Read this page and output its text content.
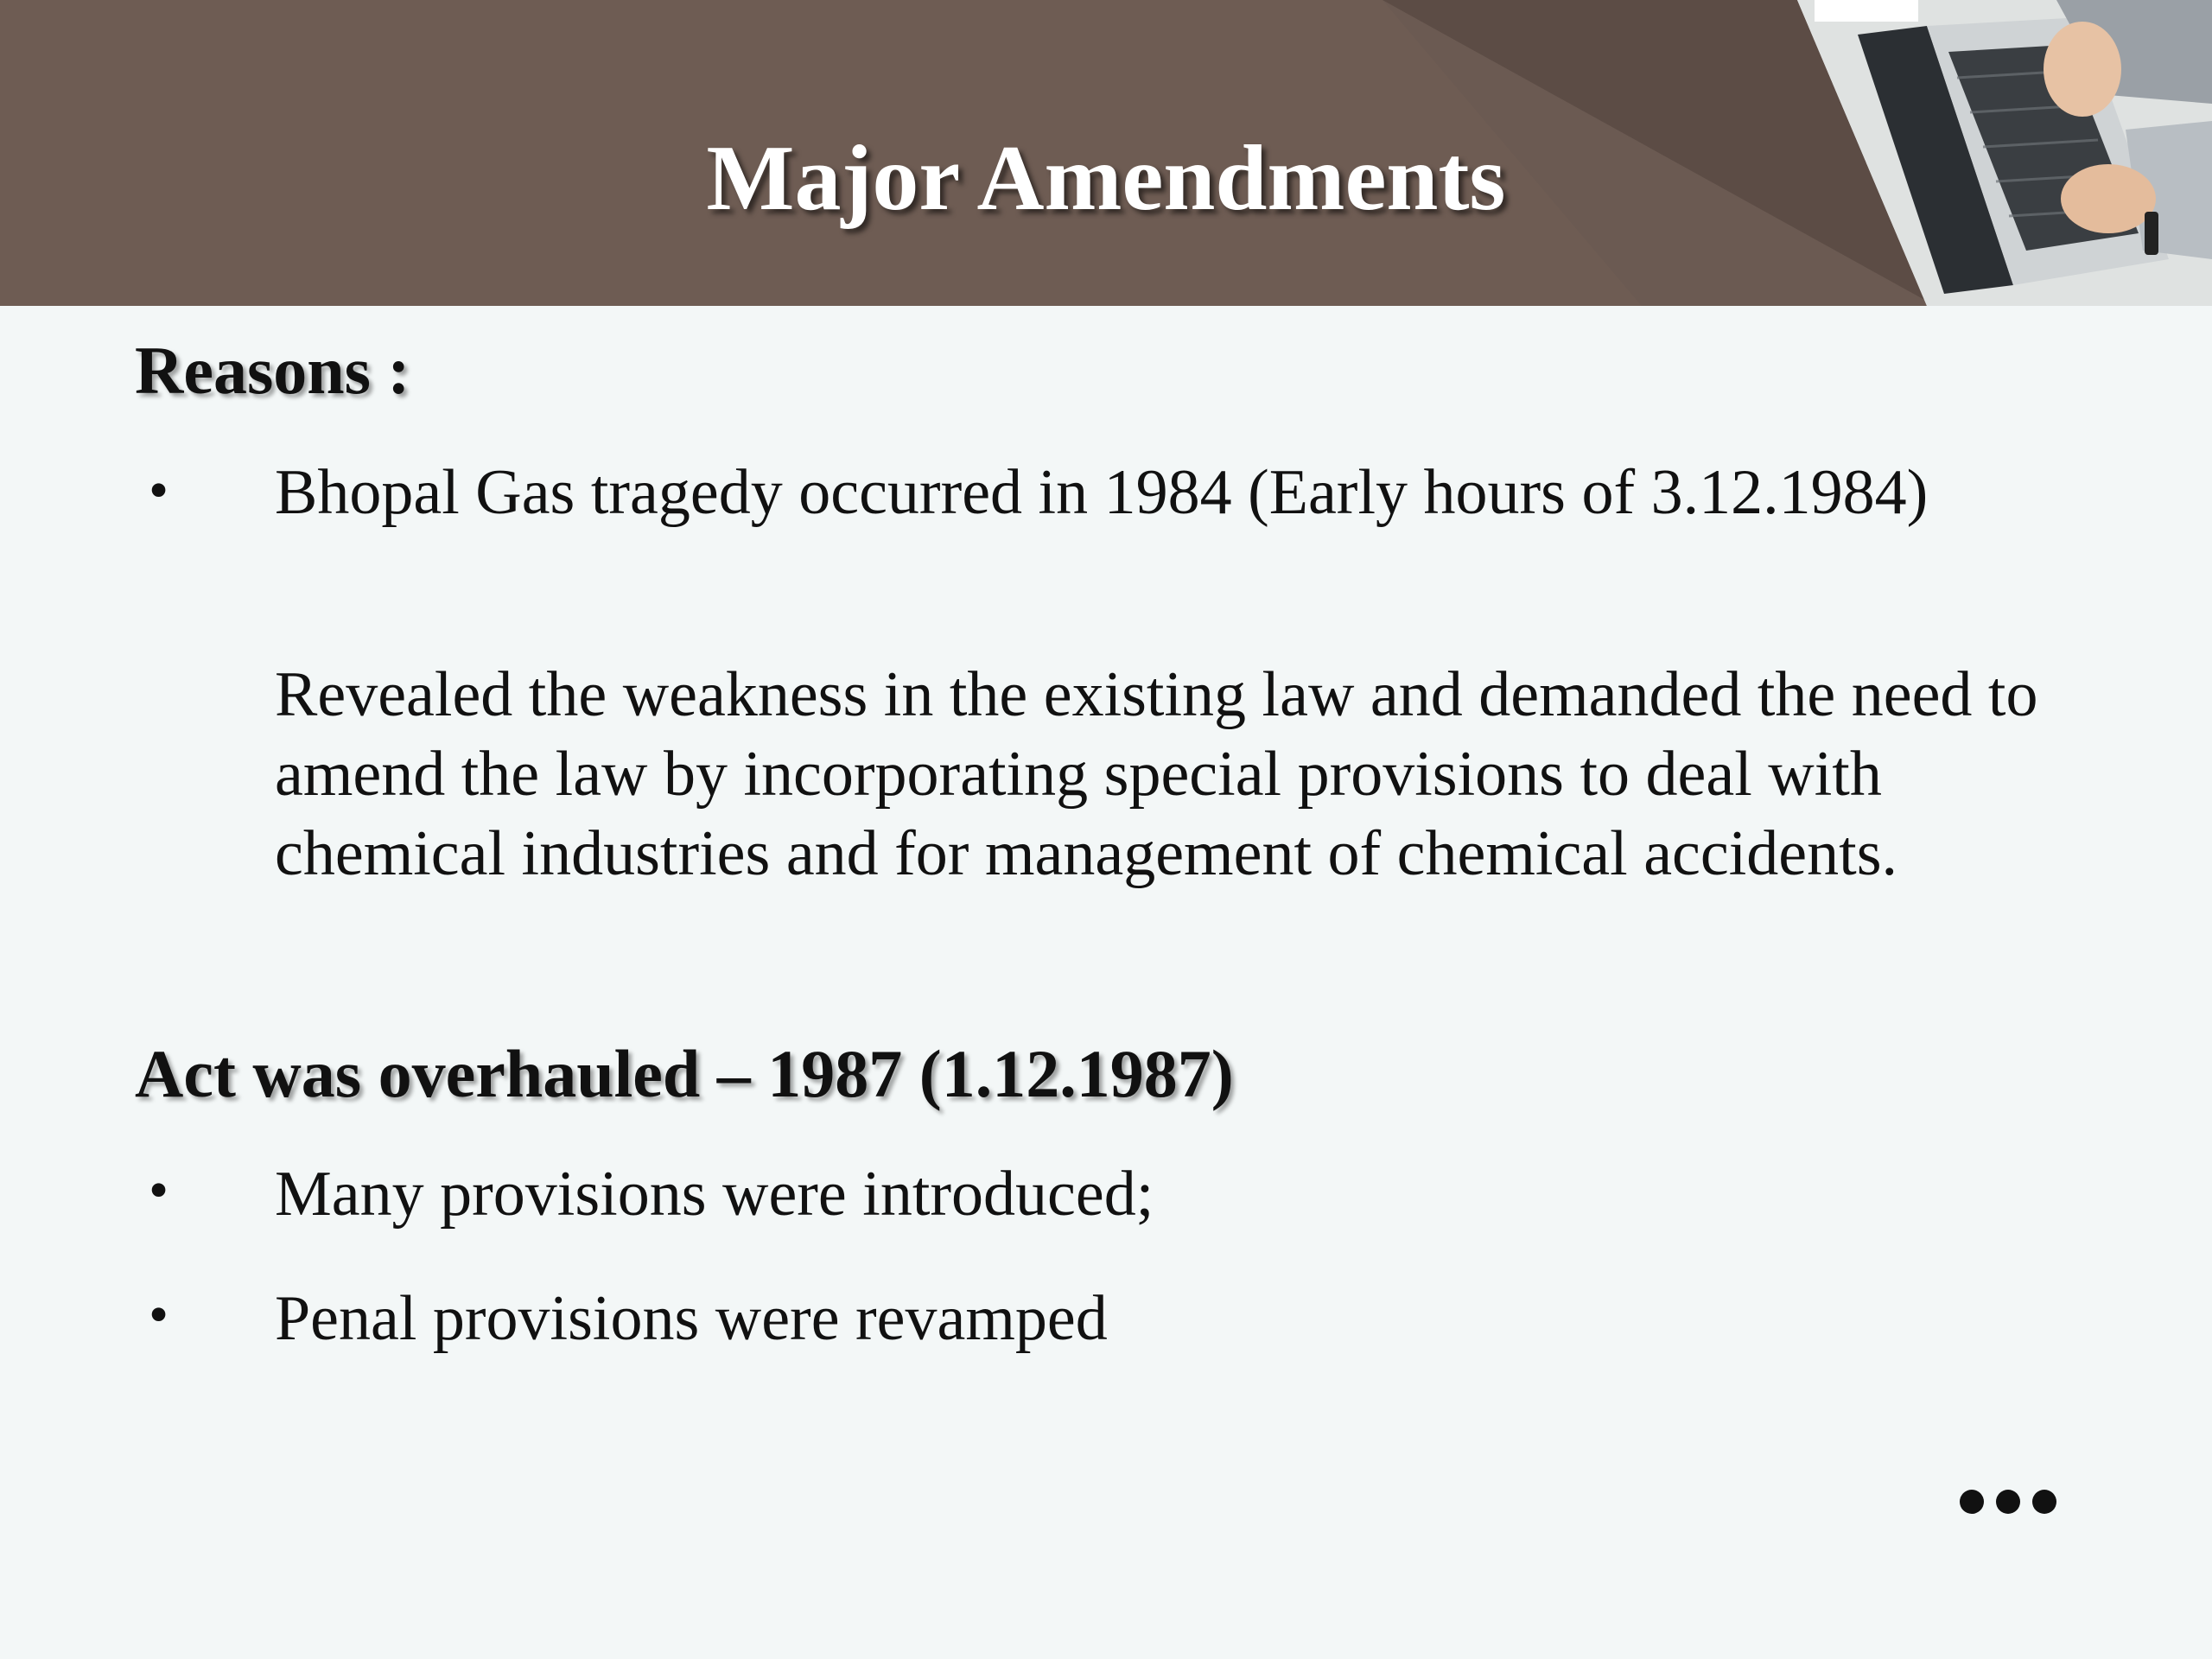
Major Amendments
Reasons :
• Bhopal Gas tragedy occurred in 1984 (Early hours of 3.12.1984)
Revealed the weakness in the existing law and demanded the need to amend the law by incorporating special provisions to deal with chemical industries and for management of chemical accidents.
Act was overhauled – 1987 (1.12.1987)
• Many provisions were introduced;
• Penal provisions were revamped
